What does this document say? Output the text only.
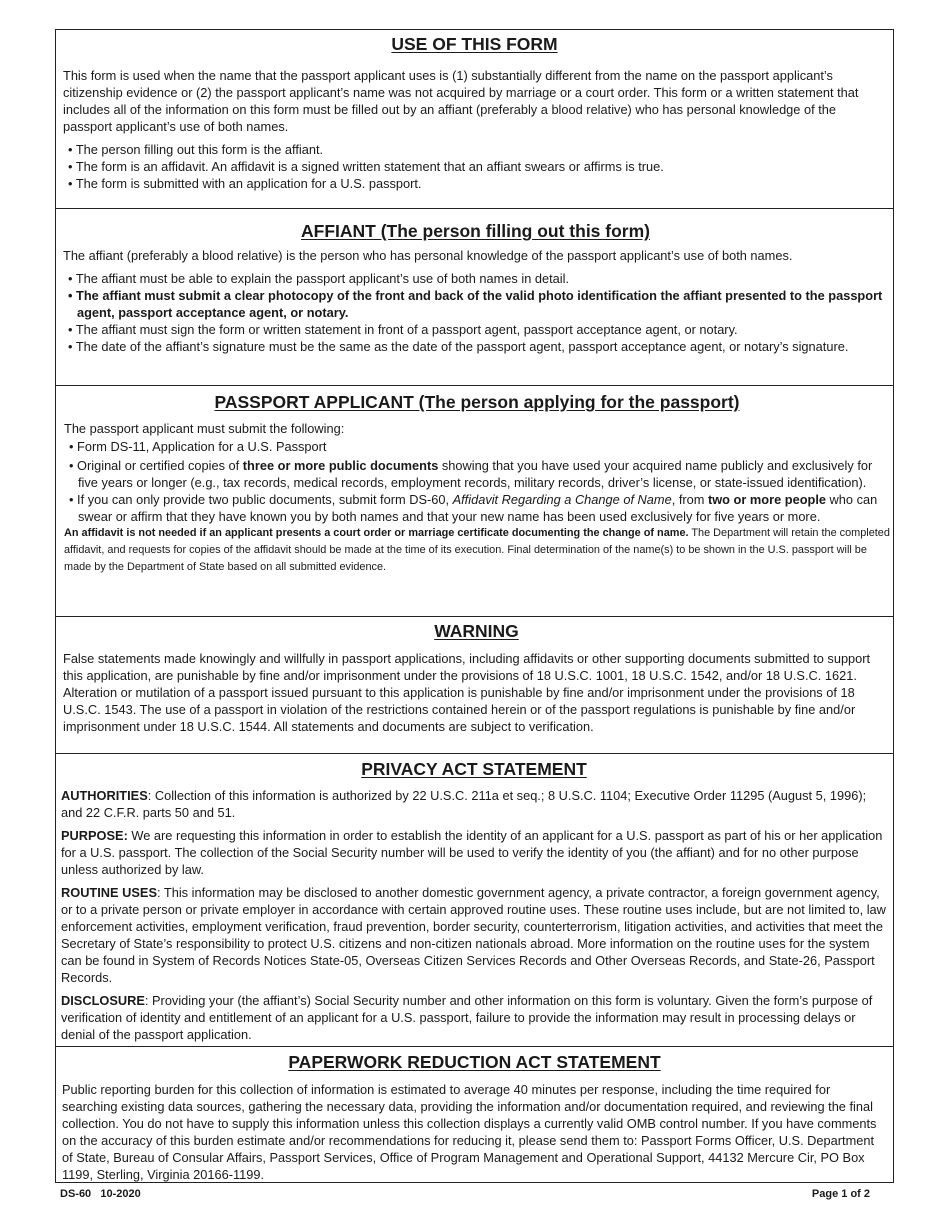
USE OF THIS FORM

This form is used when the name that the passport applicant uses is (1) substantially different from the name on the passport applicant’s citizenship evidence or (2) the passport applicant’s name was not acquired by marriage or a court order. This form or a written statement that includes all of the information on this form must be filled out by an affiant (preferably a blood relative) who has personal knowledge of the passport applicant’s use of both names.

• The person filling out this form is the affiant.
• The form is an affidavit. An affidavit is a signed written statement that an affiant swears or affirms is true.
• The form is submitted with an application for a U.S. passport.
AFFIANT (The person filling out this form)

The affiant (preferably a blood relative) is the person who has personal knowledge of the passport applicant’s use of both names.

• The affiant must be able to explain the passport applicant’s use of both names in detail.
• The affiant must submit a clear photocopy of the front and back of the valid photo identification the affiant presented to the passport agent, passport acceptance agent, or notary.
• The affiant must sign the form or written statement in front of a passport agent, passport acceptance agent, or notary.
• The date of the affiant’s signature must be the same as the date of the passport agent, passport acceptance agent, or notary’s signature.
PASSPORT APPLICANT (The person applying for the passport)

The passport applicant must submit the following:

• Form DS-11, Application for a U.S. Passport
• Original or certified copies of three or more public documents showing that you have used your acquired name publicly and exclusively for five years or longer (e.g., tax records, medical records, employment records, military records, driver’s license, or state-issued identification).
• If you can only provide two public documents, submit form DS-60, Affidavit Regarding a Change of Name, from two or more people who can swear or affirm that they have known you by both names and that your new name has been used exclusively for five years or more.

An affidavit is not needed if an applicant presents a court order or marriage certificate documenting the change of name. The Department will retain the completed affidavit, and requests for copies of the affidavit should be made at the time of its execution. Final determination of the name(s) to be shown in the U.S. passport will be made by the Department of State based on all submitted evidence.

WARNING

False statements made knowingly and willfully in passport applications, including affidavits or other supporting documents submitted to support this application, are punishable by fine and/or imprisonment under the provisions of 18 U.S.C. 1001, 18 U.S.C. 1542, and/or 18 U.S.C. 1621. Alteration or mutilation of a passport issued pursuant to this application is punishable by fine and/or imprisonment under the provisions of 18 U.S.C. 1543. The use of a passport in violation of the restrictions contained herein or of the passport regulations is punishable by fine and/or imprisonment under 18 U.S.C. 1544. All statements and documents are subject to verification.

PRIVACY ACT STATEMENT

AUTHORITIES: Collection of this information is authorized by 22 U.S.C. 211a et seq.; 8 U.S.C. 1104; Executive Order 11295 (August 5, 1996); and 22 C.F.R. parts 50 and 51.

PURPOSE: We are requesting this information in order to establish the identity of an applicant for a U.S. passport as part of his or her application for a U.S. passport. The collection of the Social Security number will be used to verify the identity of you (the affiant) and for no other purpose unless authorized by law.

ROUTINE USES: This information may be disclosed to another domestic government agency, a private contractor, a foreign government agency, or to a private person or private employer in accordance with certain approved routine uses. These routine uses include, but are not limited to, law enforcement activities, employment verification, fraud prevention, border security, counterterrorism, litigation activities, and activities that meet the Secretary of State’s responsibility to protect U.S. citizens and non-citizen nationals abroad. More information on the routine uses for the system can be found in System of Records Notices State-05, Overseas Citizen Services Records and Other Overseas Records, and State-26, Passport Records.

DISCLOSURE: Providing your (the affiant’s) Social Security number and other information on this form is voluntary. Given the form’s purpose of verification of identity and entitlement of an applicant for a U.S. passport, failure to provide the information may result in processing delays or denial of the passport application.

PAPERWORK REDUCTION ACT STATEMENT

Public reporting burden for this collection of information is estimated to average 40 minutes per response, including the time required for searching existing data sources, gathering the necessary data, providing the information and/or documentation required, and reviewing the final collection. You do not have to supply this information unless this collection displays a currently valid OMB control number. If you have comments on the accuracy of this burden estimate and/or recommendations for reducing it, please send them to: Passport Forms Officer, U.S. Department of State, Bureau of Consular Affairs, Passport Services, Office of Program Management and Operational Support, 44132 Mercure Cir, PO Box 1199, Sterling, Virginia 20166-1199.

DS-60   10-2020	Page 1 of 2
